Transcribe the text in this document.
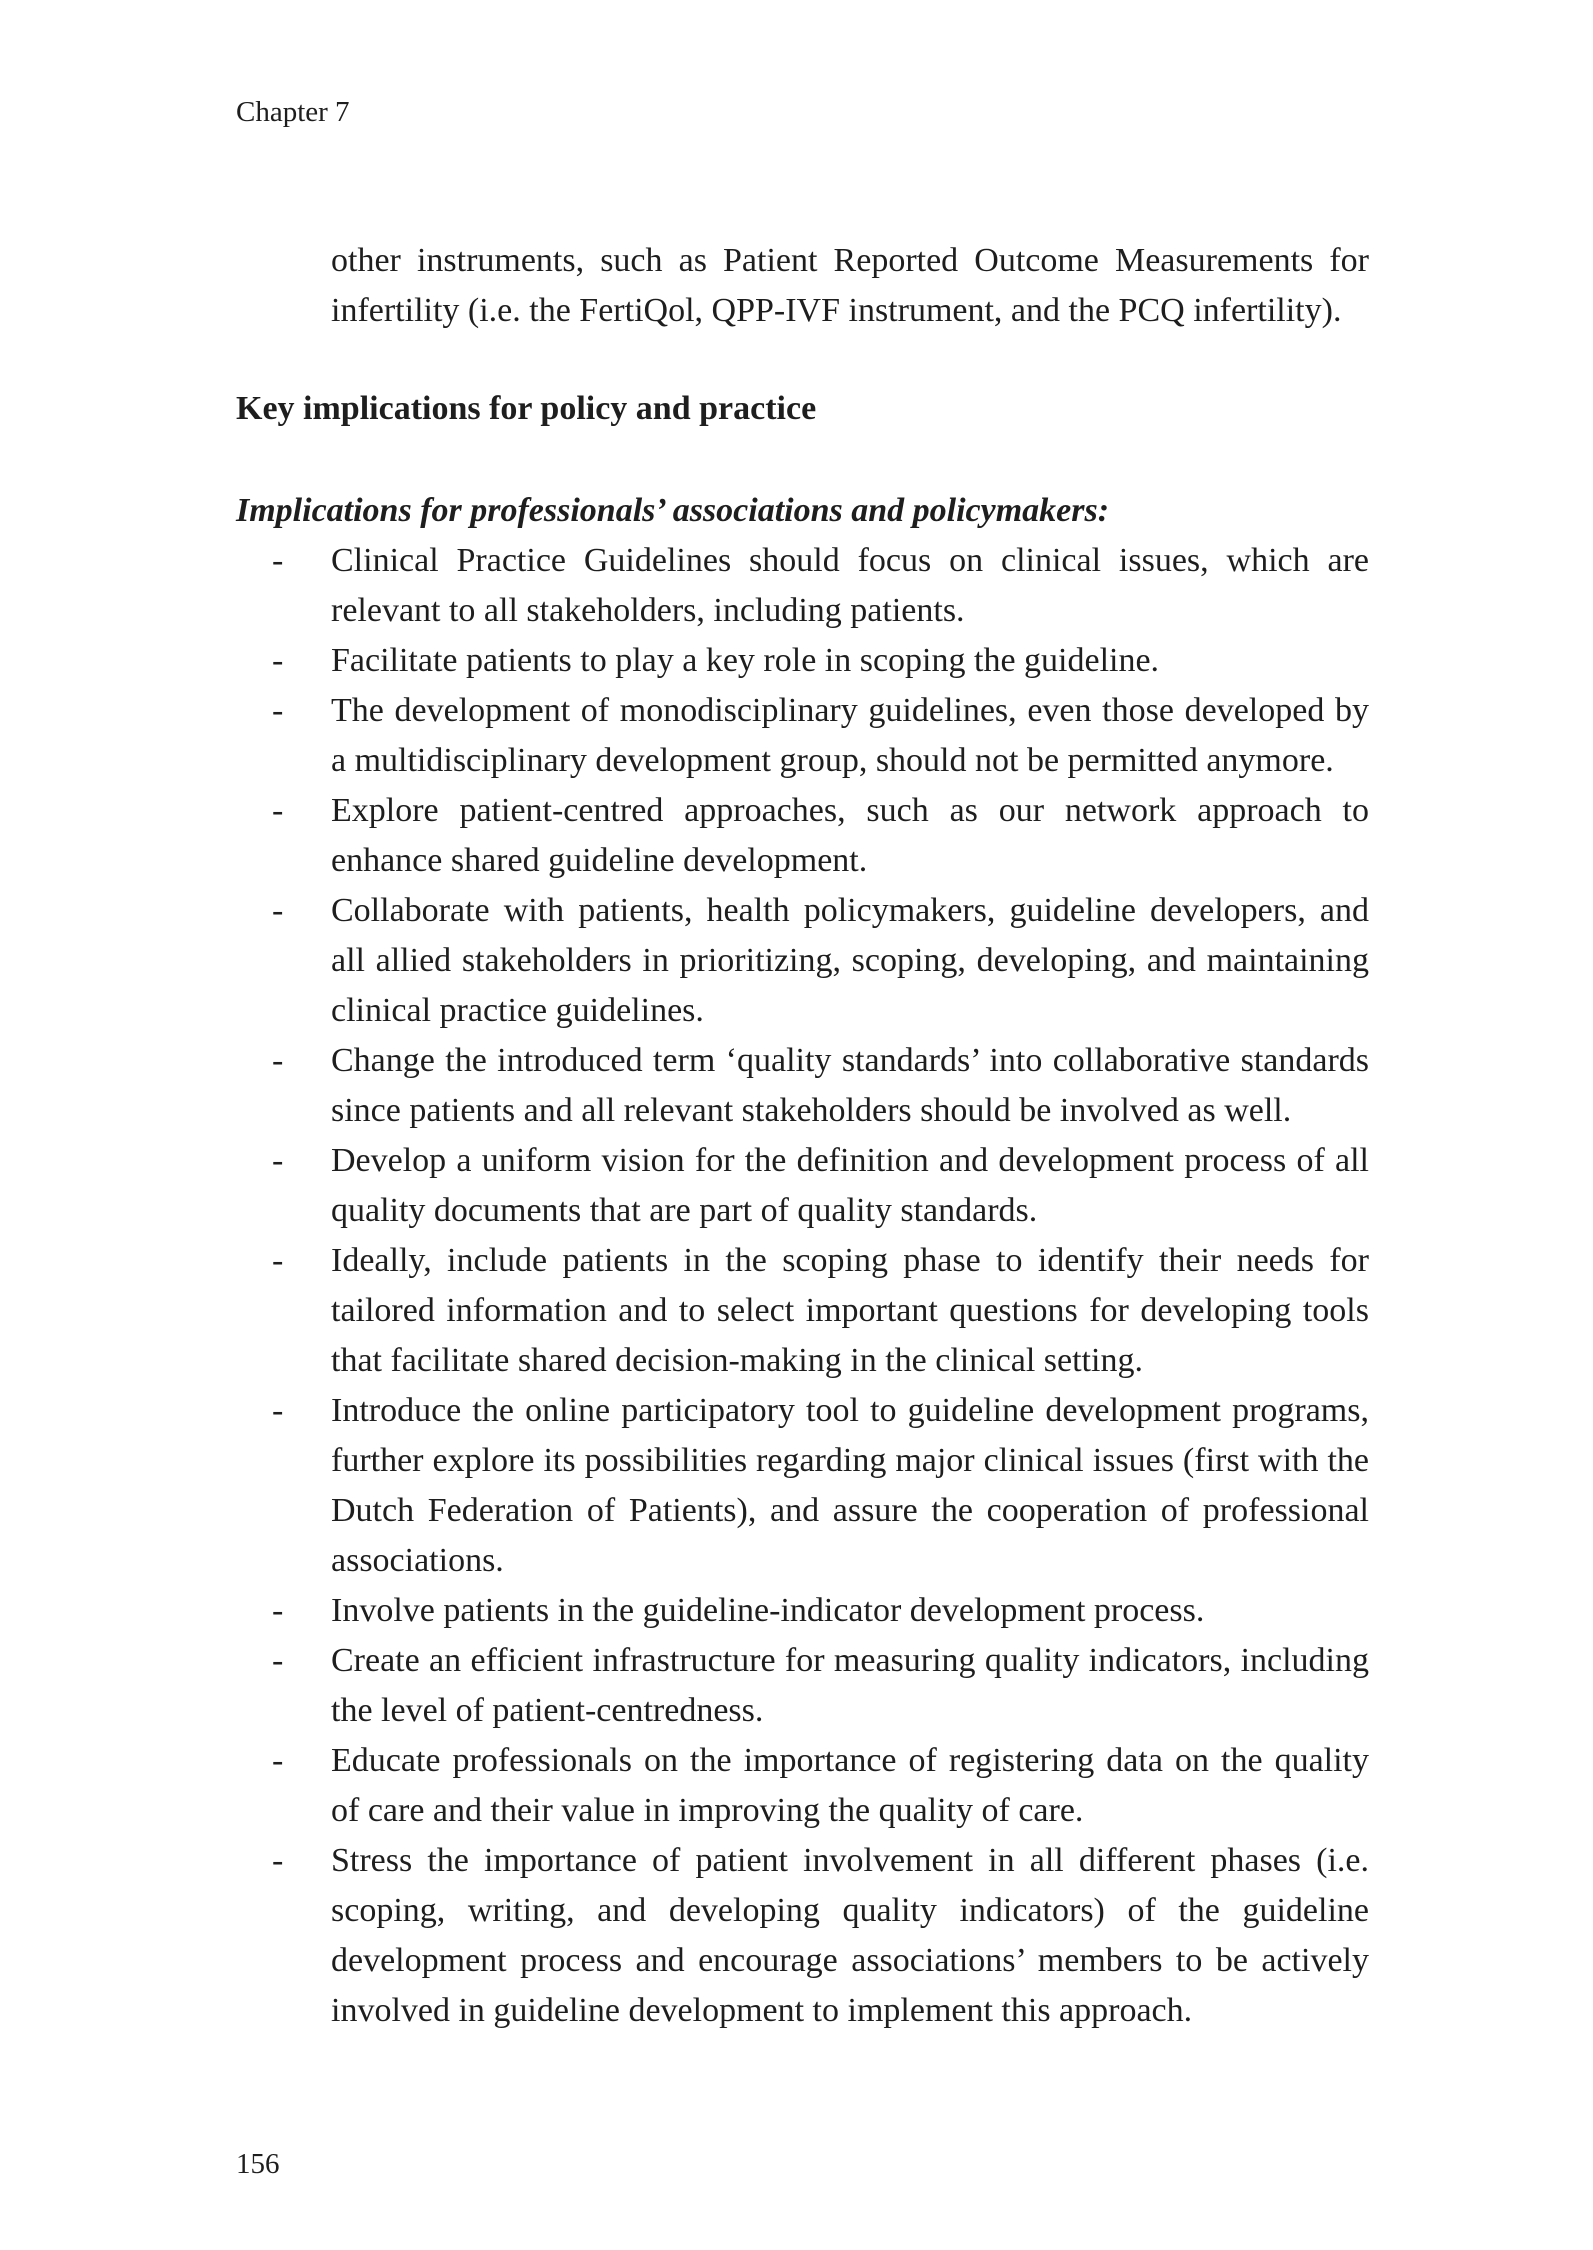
Chapter 7

other instruments, such as Patient Reported Outcome Measurements for infertility (i.e. the FertiQol, QPP-IVF instrument, and the PCQ infertility).

Key implications for policy and practice
Implications for professionals’ associations and policymakers:
- Clinical Practice Guidelines should focus on clinical issues, which are relevant to all stakeholders, including patients.
- Facilitate patients to play a key role in scoping the guideline.
- The development of monodisciplinary guidelines, even those developed by a multidisciplinary development group, should not be permitted anymore.
- Explore patient-centred approaches, such as our network approach to enhance shared guideline development.
- Collaborate with patients, health policymakers, guideline developers, and all allied stakeholders in prioritizing, scoping, developing, and maintaining clinical practice guidelines.
- Change the introduced term ‘quality standards’ into collaborative standards since patients and all relevant stakeholders should be involved as well.
- Develop a uniform vision for the definition and development process of all quality documents that are part of quality standards.
- Ideally, include patients in the scoping phase to identify their needs for tailored information and to select important questions for developing tools that facilitate shared decision-making in the clinical setting.
- Introduce the online participatory tool to guideline development programs, further explore its possibilities regarding major clinical issues (first with the Dutch Federation of Patients), and assure the cooperation of professional associations.
- Involve patients in the guideline-indicator development process.
- Create an efficient infrastructure for measuring quality indicators, including the level of patient-centredness.
- Educate professionals on the importance of registering data on the quality of care and their value in improving the quality of care.
- Stress the importance of patient involvement in all different phases (i.e. scoping, writing, and developing quality indicators) of the guideline development process and encourage associations’ members to be actively involved in guideline development to implement this approach.
156
